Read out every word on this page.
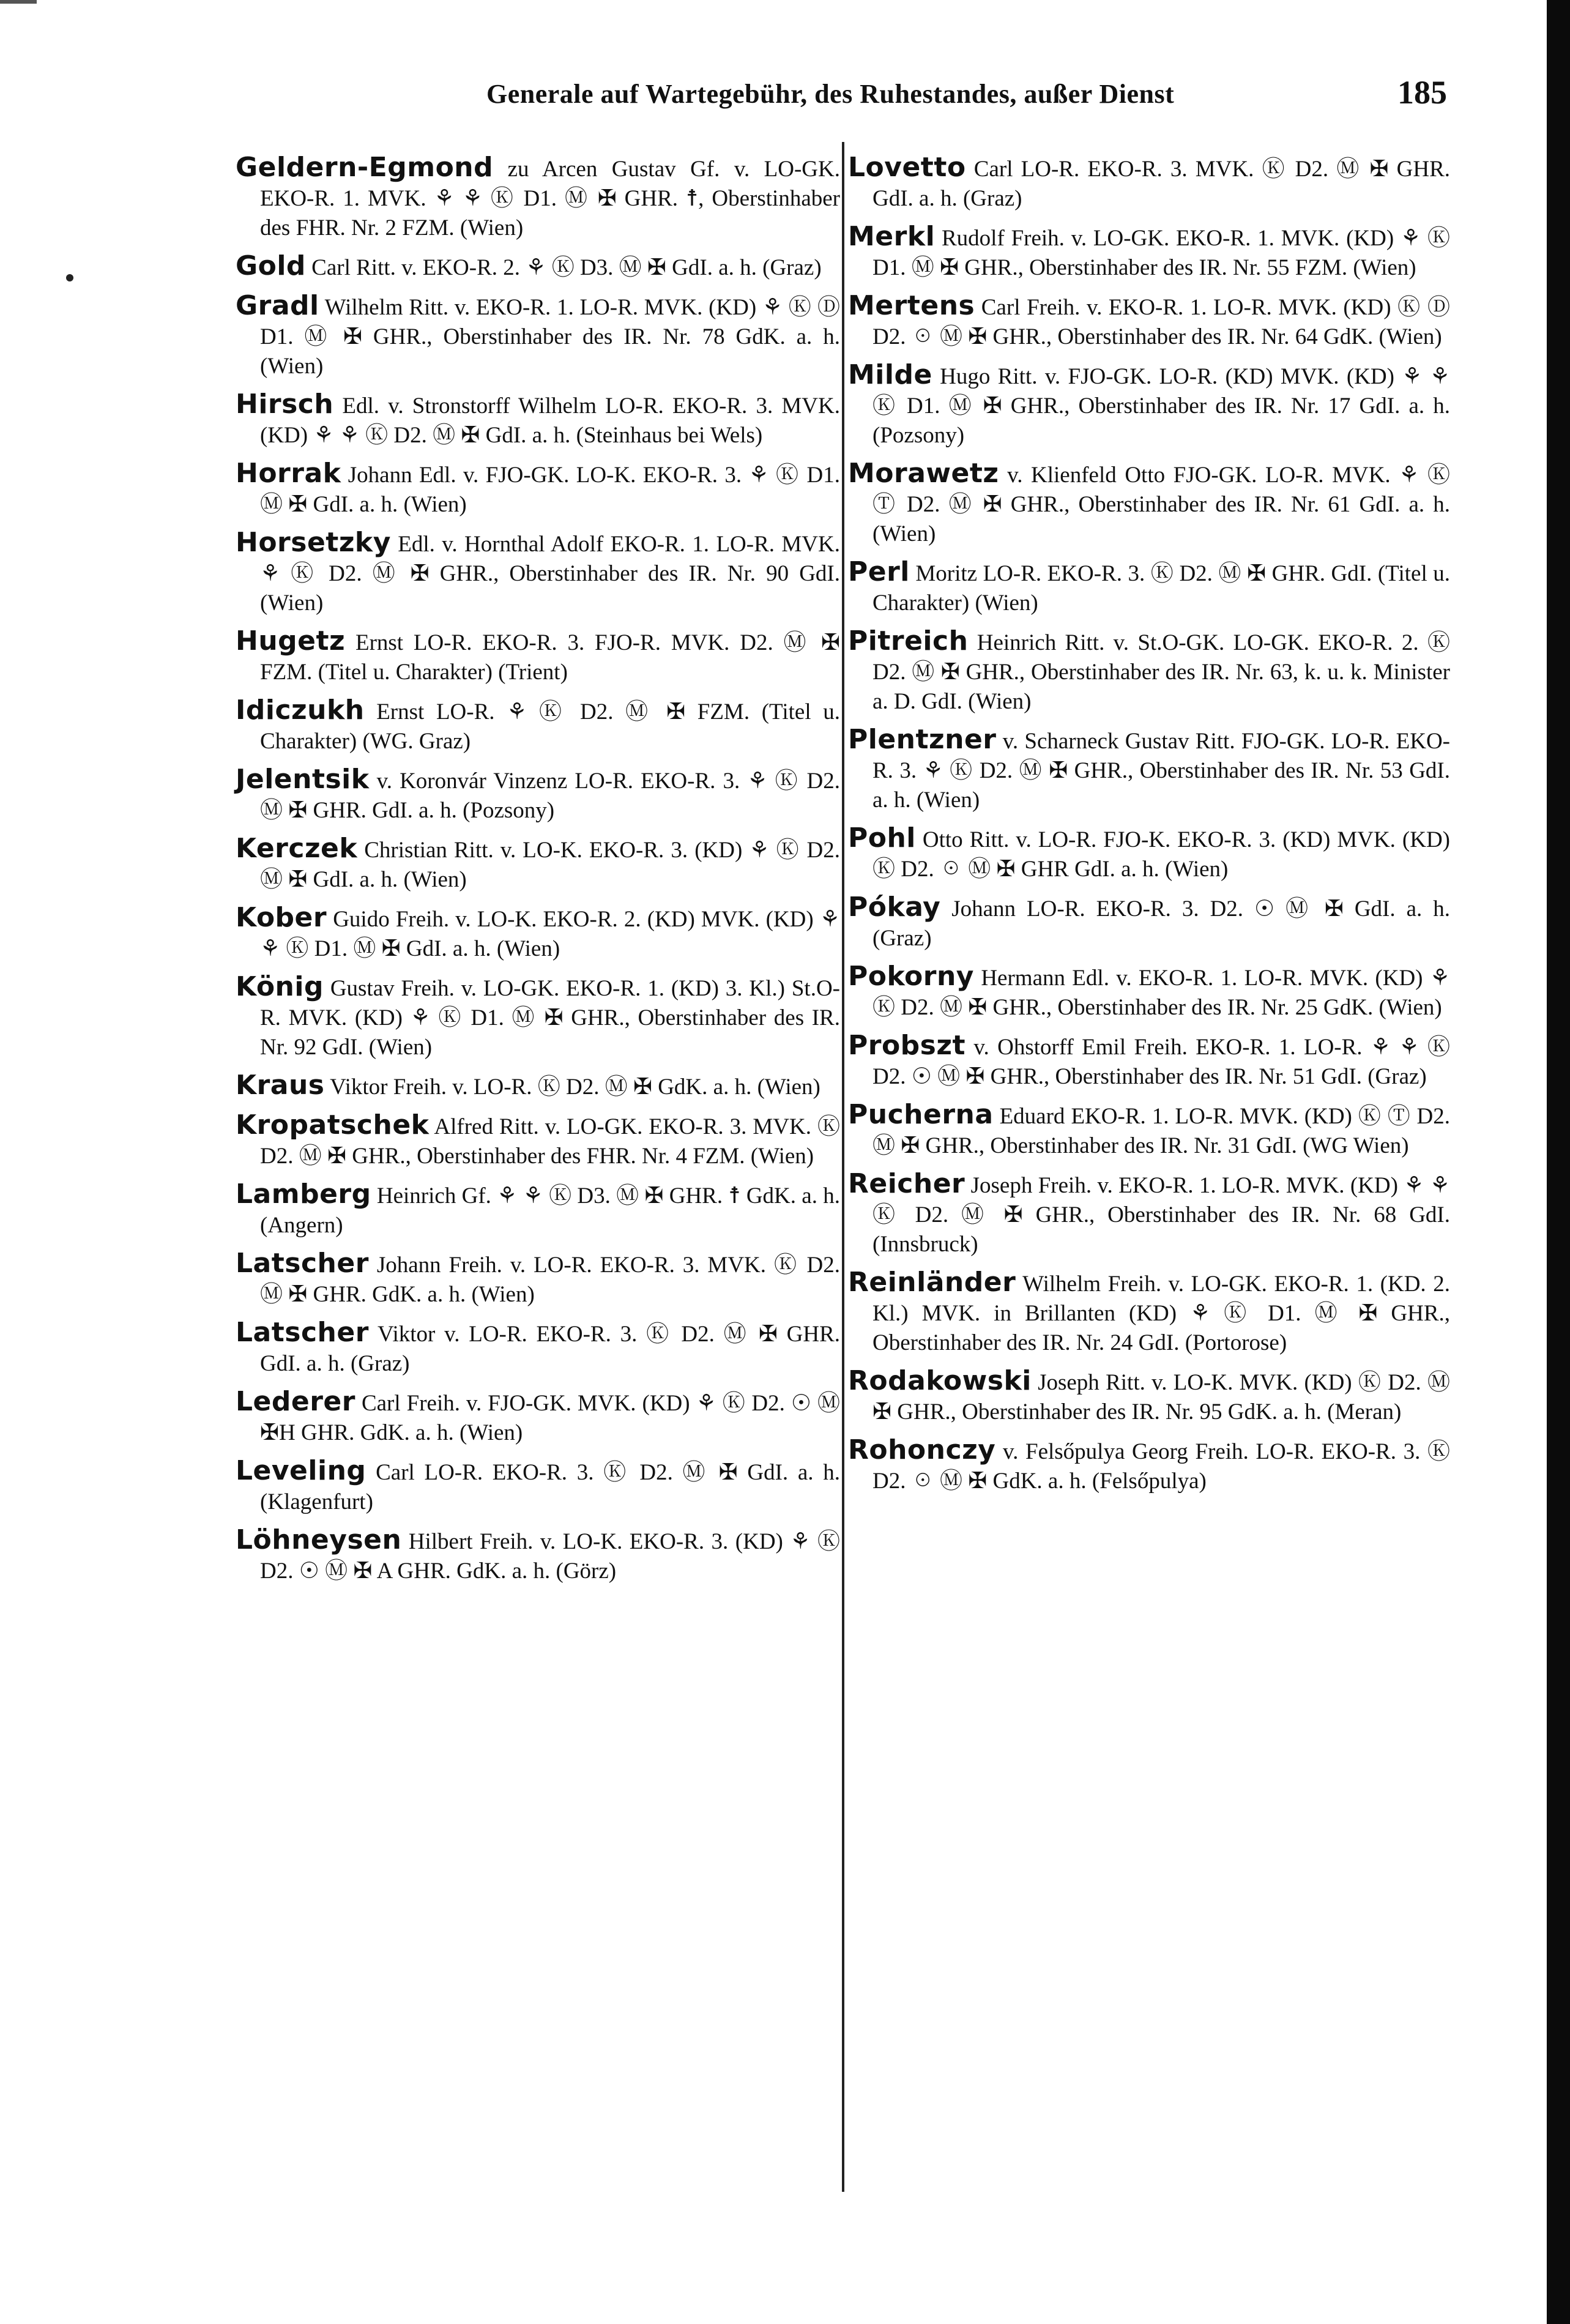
Generale auf Wartegebühr, des Ruhestandes, außer Dienst	185

Geldern-Egmond zu Arcen Gustav Gf. v. LO-GK. EKO-R. 1. MVK. ⚘ ⚘ Ⓚ D1. Ⓜ ✠ GHR. ☨, Oberstinhaber des FHR. Nr. 2 FZM. (Wien)

Gold Carl Ritt. v. EKO-R. 2. ⚘ Ⓚ D3. Ⓜ ✠ GdI. a. h. (Graz)

Gradl Wilhelm Ritt. v. EKO-R. 1. LO-R. MVK. (KD) ⚘ Ⓚ Ⓓ D1. Ⓜ ✠ GHR., Oberstinhaber des IR. Nr. 78 GdK. a. h. (Wien)

Hirsch Edl. v. Stronstorff Wilhelm LO-R. EKO-R. 3. MVK. (KD) ⚘ ⚘ Ⓚ D2. Ⓜ ✠ GdI. a. h. (Steinhaus bei Wels)

Horrak Johann Edl. v. FJO-GK. LO-K. EKO-R. 3. ⚘ Ⓚ D1. Ⓜ ✠ GdI. a. h. (Wien)

Horsetzky Edl. v. Hornthal Adolf EKO-R. 1. LO-R. MVK. ⚘ Ⓚ D2. Ⓜ ✠ GHR., Oberstinhaber des IR. Nr. 90 GdI. (Wien)

Hugetz Ernst LO-R. EKO-R. 3. FJO-R. MVK. D2. Ⓜ ✠ FZM. (Titel u. Charakter) (Trient)

Idiczukh Ernst LO-R. ⚘ Ⓚ D2. Ⓜ ✠ FZM. (Titel u. Charakter) (WG. Graz)

Jelentsik v. Koronvár Vinzenz LO-R. EKO-R. 3. ⚘ Ⓚ D2. Ⓜ ✠ GHR. GdI. a. h. (Pozsony)

Kerczek Christian Ritt. v. LO-K. EKO-R. 3. (KD) ⚘ Ⓚ D2. Ⓜ ✠ GdI. a. h. (Wien)

Kober Guido Freih. v. LO-K. EKO-R. 2. (KD) MVK. (KD) ⚘ ⚘ Ⓚ D1. Ⓜ ✠ GdI. a. h. (Wien)

König Gustav Freih. v. LO-GK. EKO-R. 1. (KD) 3. Kl.) St.O-R. MVK. (KD) ⚘ Ⓚ D1. Ⓜ ✠ GHR., Oberstinhaber des IR. Nr. 92 GdI. (Wien)

Kraus Viktor Freih. v. LO-R. Ⓚ D2. Ⓜ ✠ GdK. a. h. (Wien)

Kropatschek Alfred Ritt. v. LO-GK. EKO-R. 3. MVK. Ⓚ D2. Ⓜ ✠ GHR., Oberstinhaber des FHR. Nr. 4 FZM. (Wien)

Lamberg Heinrich Gf. ⚘ ⚘ Ⓚ D3. Ⓜ ✠ GHR. ☨ GdK. a. h. (Angern)

Latscher Johann Freih. v. LO-R. EKO-R. 3. MVK. Ⓚ D2. Ⓜ ✠ GHR. GdK. a. h. (Wien)

Latscher Viktor v. LO-R. EKO-R. 3. Ⓚ D2. Ⓜ ✠ GHR. GdI. a. h. (Graz)

Lederer Carl Freih. v. FJO-GK. MVK. (KD) ⚘ Ⓚ D2. ☉ Ⓜ ✠H GHR. GdK. a. h. (Wien)

Leveling Carl LO-R. EKO-R. 3. Ⓚ D2. Ⓜ ✠ GdI. a. h. (Klagenfurt)

Löhneysen Hilbert Freih. v. LO-K. EKO-R. 3. (KD) ⚘ Ⓚ D2. ☉ Ⓜ ✠ A GHR. GdK. a. h. (Görz)

Lovetto Carl LO-R. EKO-R. 3. MVK. Ⓚ D2. Ⓜ ✠ GHR. GdI. a. h. (Graz)

Merkl Rudolf Freih. v. LO-GK. EKO-R. 1. MVK. (KD) ⚘ Ⓚ D1. Ⓜ ✠ GHR., Oberstinhaber des IR. Nr. 55 FZM. (Wien)

Mertens Carl Freih. v. EKO-R. 1. LO-R. MVK. (KD) Ⓚ Ⓓ D2. ☉ Ⓜ ✠ GHR., Oberstinhaber des IR. Nr. 64 GdK. (Wien)

Milde Hugo Ritt. v. FJO-GK. LO-R. (KD) MVK. (KD) ⚘ ⚘ Ⓚ D1. Ⓜ ✠ GHR., Oberstinhaber des IR. Nr. 17 GdI. a. h. (Pozsony)

Morawetz v. Klienfeld Otto FJO-GK. LO-R. MVK. ⚘ Ⓚ Ⓣ D2. Ⓜ ✠ GHR., Oberstinhaber des IR. Nr. 61 GdI. a. h. (Wien)

Perl Moritz LO-R. EKO-R. 3. Ⓚ D2. Ⓜ ✠ GHR. GdI. (Titel u. Charakter) (Wien)

Pitreich Heinrich Ritt. v. St.O-GK. LO-GK. EKO-R. 2. Ⓚ D2. Ⓜ ✠ GHR., Oberstinhaber des IR. Nr. 63, k. u. k. Minister a. D. GdI. (Wien)

Plentzner v. Scharneck Gustav Ritt. FJO-GK. LO-R. EKO-R. 3. ⚘ Ⓚ D2. Ⓜ ✠ GHR., Oberstinhaber des IR. Nr. 53 GdI. a. h. (Wien)

Pohl Otto Ritt. v. LO-R. FJO-K. EKO-R. 3. (KD) MVK. (KD) Ⓚ D2. ☉ Ⓜ ✠ GHR GdI. a. h. (Wien)

Pókay Johann LO-R. EKO-R. 3. D2. ☉ Ⓜ ✠ GdI. a. h. (Graz)

Pokorny Hermann Edl. v. EKO-R. 1. LO-R. MVK. (KD) ⚘ Ⓚ D2. Ⓜ ✠ GHR., Oberstinhaber des IR. Nr. 25 GdK. (Wien)

Probszt v. Ohstorff Emil Freih. EKO-R. 1. LO-R. ⚘ ⚘ Ⓚ D2. ☉ Ⓜ ✠ GHR., Oberstinhaber des IR. Nr. 51 GdI. (Graz)

Pucherna Eduard EKO-R. 1. LO-R. MVK. (KD) Ⓚ Ⓣ D2. Ⓜ ✠ GHR., Oberstinhaber des IR. Nr. 31 GdI. (WG Wien)

Reicher Joseph Freih. v. EKO-R. 1. LO-R. MVK. (KD) ⚘ ⚘ Ⓚ D2. Ⓜ ✠ GHR., Oberstinhaber des IR. Nr. 68 GdI. (Innsbruck)

Reinländer Wilhelm Freih. v. LO-GK. EKO-R. 1. (KD. 2. Kl.) MVK. in Brillanten (KD) ⚘ Ⓚ D1. Ⓜ ✠ GHR., Oberstinhaber des IR. Nr. 24 GdI. (Portorose)

Rodakowski Joseph Ritt. v. LO-K. MVK. (KD) Ⓚ D2. Ⓜ ✠ GHR., Oberstinhaber des IR. Nr. 95 GdK. a. h. (Meran)

Rohonczy v. Felsőpulya Georg Freih. LO-R. EKO-R. 3. Ⓚ D2. ☉ Ⓜ ✠ GdK. a. h. (Felsőpulya)
